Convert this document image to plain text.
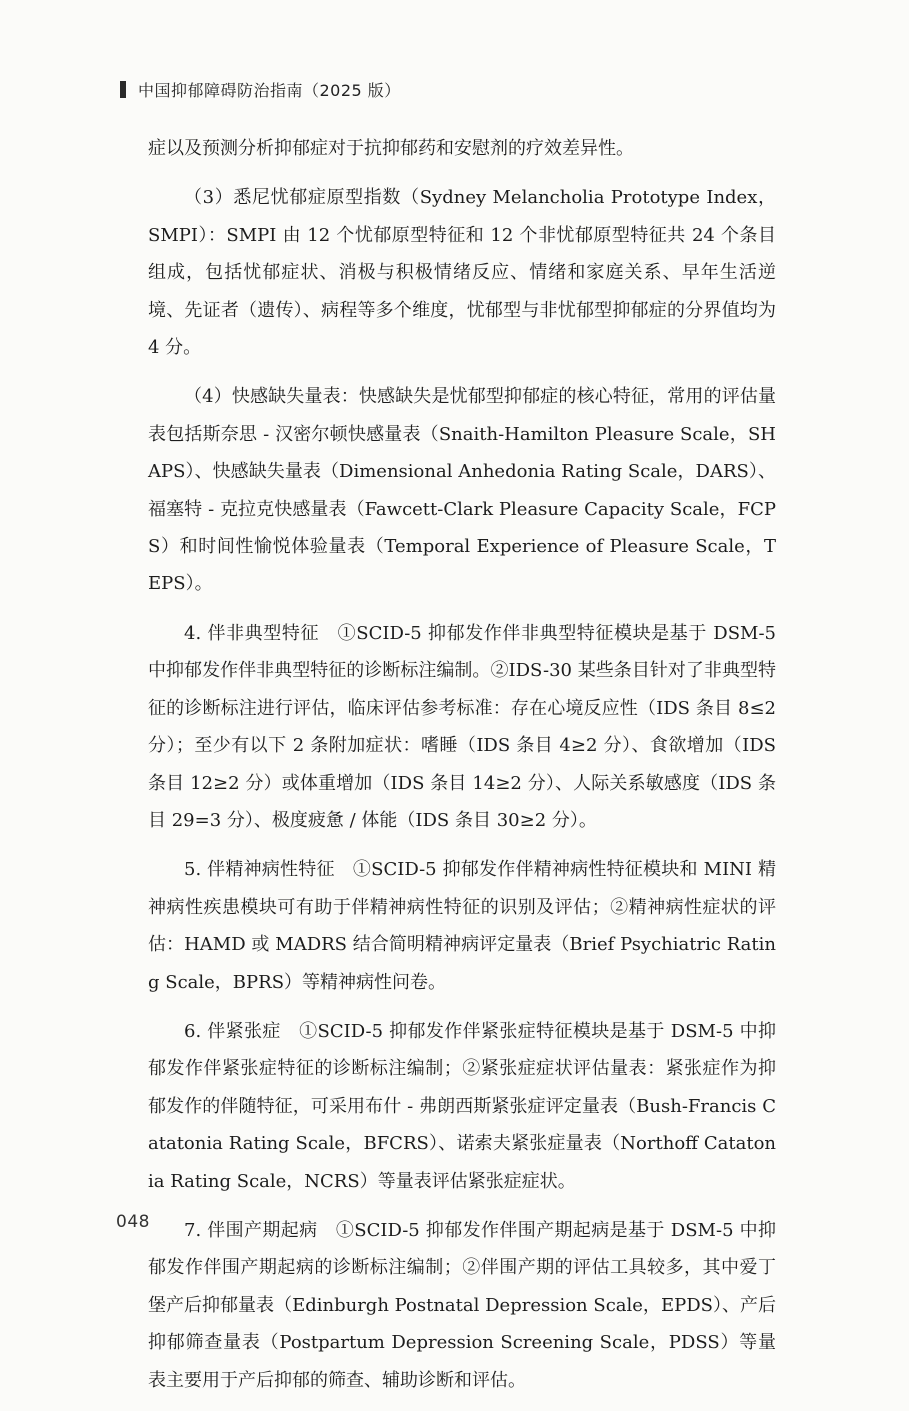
中国抑郁障碍防治指南（2025 版）

症以及预测分析抑郁症对于抗抑郁药和安慰剂的疗效差异性。

（3）悉尼忧郁症原型指数（Sydney Melancholia Prototype Index，SMPI）：SMPI 由 12 个忧郁原型特征和 12 个非忧郁原型特征共 24 个条目组成，包括忧郁症状、消极与积极情绪反应、情绪和家庭关系、早年生活逆境、先证者（遗传）、病程等多个维度，忧郁型与非忧郁型抑郁症的分界值均为 4 分。

（4）快感缺失量表：快感缺失是忧郁型抑郁症的核心特征，常用的评估量表包括斯奈思 - 汉密尔顿快感量表（Snaith-Hamilton Pleasure Scale，SHAPS）、快感缺失量表（Dimensional Anhedonia Rating Scale，DARS）、福塞特 - 克拉克快感量表（Fawcett-Clark Pleasure Capacity Scale，FCPS）和时间性愉悦体验量表（Temporal Experience of Pleasure Scale，TEPS）。

4. 伴非典型特征　①SCID-5 抑郁发作伴非典型特征模块是基于 DSM-5 中抑郁发作伴非典型特征的诊断标注编制。②IDS-30 某些条目针对了非典型特征的诊断标注进行评估，临床评估参考标准：存在心境反应性（IDS 条目 8≤2 分）；至少有以下 2 条附加症状：嗜睡（IDS 条目 4≥2 分）、食欲增加（IDS 条目 12≥2 分）或体重增加（IDS 条目 14≥2 分）、人际关系敏感度（IDS 条目 29=3 分）、极度疲惫 / 体能（IDS 条目 30≥2 分）。

5. 伴精神病性特征　①SCID-5 抑郁发作伴精神病性特征模块和 MINI 精神病性疾患模块可有助于伴精神病性特征的识别及评估；②精神病性症状的评估：HAMD 或 MADRS 结合简明精神病评定量表（Brief Psychiatric Rating Scale，BPRS）等精神病性问卷。

6. 伴紧张症　①SCID-5 抑郁发作伴紧张症特征模块是基于 DSM-5 中抑郁发作伴紧张症特征的诊断标注编制；②紧张症症状评估量表：紧张症作为抑郁发作的伴随特征，可采用布什 - 弗朗西斯紧张症评定量表（Bush-Francis Catatonia Rating Scale，BFCRS）、诺索夫紧张症量表（Northoff Catatonia Rating Scale，NCRS）等量表评估紧张症症状。

7. 伴围产期起病　①SCID-5 抑郁发作伴围产期起病是基于 DSM-5 中抑郁发作伴围产期起病的诊断标注编制；②伴围产期的评估工具较多，其中爱丁堡产后抑郁量表（Edinburgh Postnatal Depression Scale，EPDS）、产后抑郁筛查量表（Postpartum Depression Screening Scale，PDSS）等量表主要用于产后抑郁的筛查、辅助诊断和评估。

048
